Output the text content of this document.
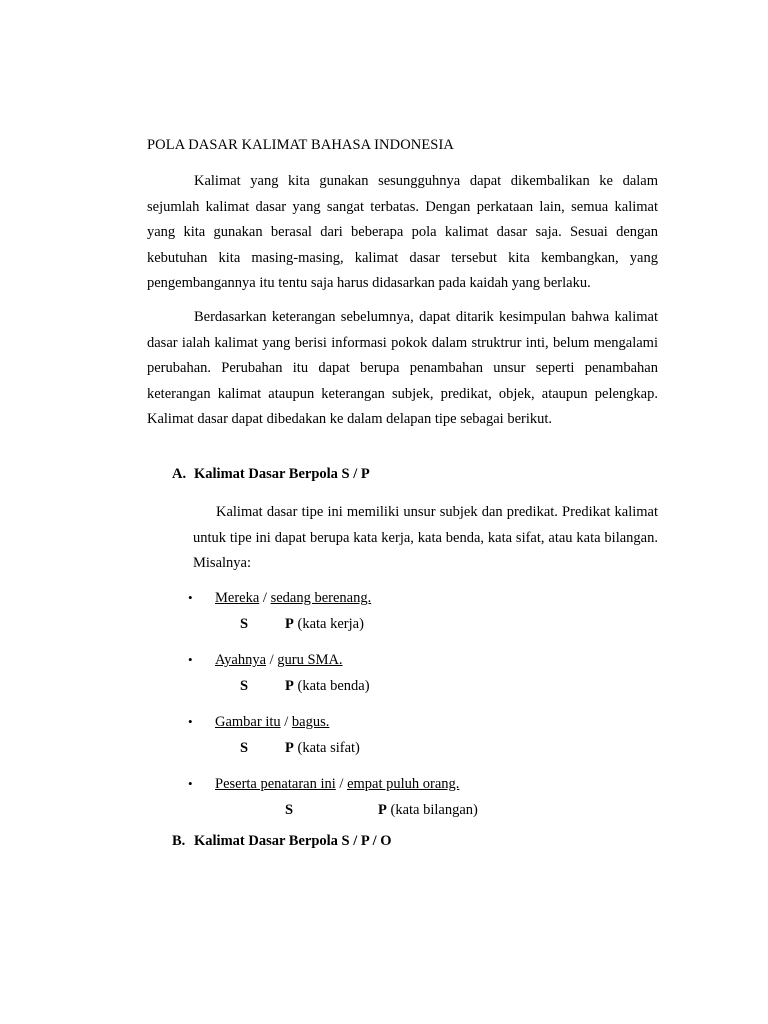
POLA DASAR KALIMAT BAHASA INDONESIA

Kalimat yang kita gunakan sesungguhnya dapat dikembalikan ke dalam sejumlah kalimat dasar yang sangat terbatas. Dengan perkataan lain, semua kalimat yang kita gunakan berasal dari beberapa pola kalimat dasar saja. Sesuai dengan kebutuhan kita masing-masing, kalimat dasar tersebut kita kembangkan, yang pengembangannya itu tentu saja harus didasarkan pada kaidah yang berlaku.

Berdasarkan keterangan sebelumnya, dapat ditarik kesimpulan bahwa kalimat dasar ialah kalimat yang berisi informasi pokok dalam struktrur inti, belum mengalami perubahan. Perubahan itu dapat berupa penambahan unsur seperti penambahan keterangan kalimat ataupun keterangan subjek, predikat, objek, ataupun pelengkap. Kalimat dasar dapat dibedakan ke dalam delapan tipe sebagai berikut.

A. Kalimat Dasar Berpola S / P

Kalimat dasar tipe ini memiliki unsur subjek dan predikat. Predikat kalimat untuk tipe ini dapat berupa kata kerja, kata benda, kata sifat, atau kata bilangan. Misalnya:

• Mereka / sedang berenang.
S	P (kata kerja)
• Ayahnya / guru SMA.
S	P (kata benda)
• Gambar itu / bagus.
S	P (kata sifat)
• Peserta penataran ini / empat puluh orang.
S	P (kata bilangan)
B. Kalimat Dasar Berpola S / P / O
